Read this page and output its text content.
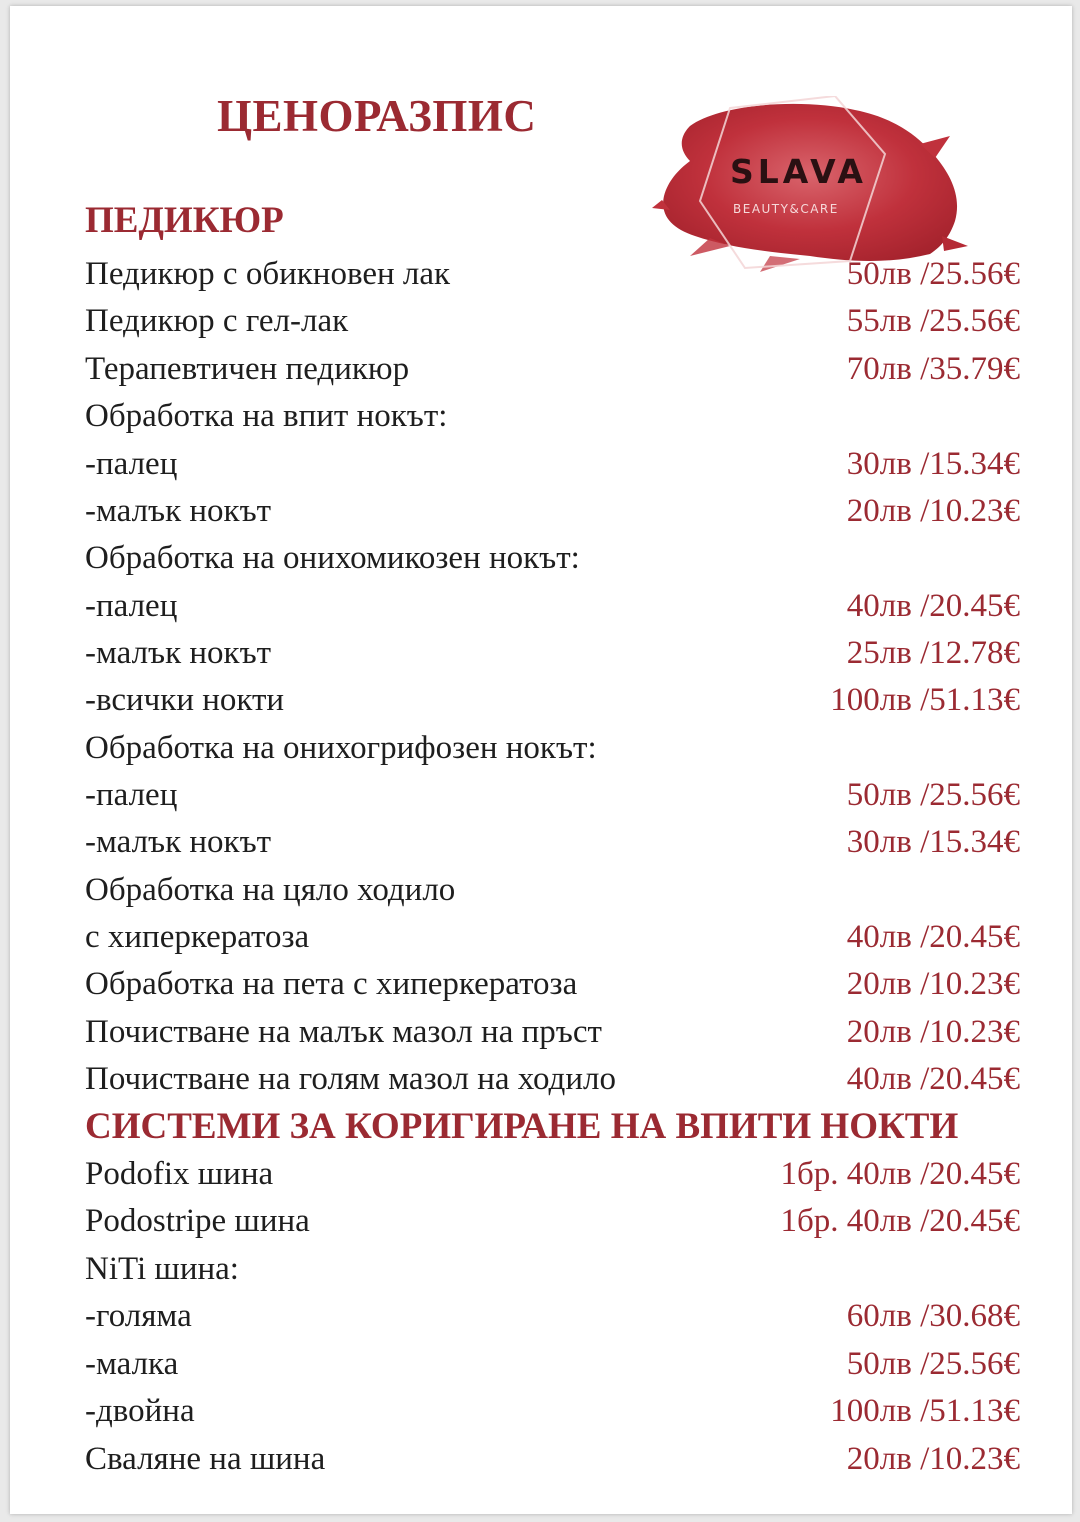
ЦЕНОРАЗПИС
SLAVA
BEAUTY&CARE
ПЕДИКЮР
Педикюр с обикновен лак	50лв /25.56€
Педикюр с гел-лак	55лв /25.56€
Терапевтичен педикюр	70лв /35.79€
Обработка на впит нокът:
-палец	30лв /15.34€
-малък нокът	20лв /10.23€
Обработка на онихомикозен нокът:
-палец	40лв /20.45€
-малък нокът	25лв /12.78€
-всички нокти	100лв /51.13€
Обработка на онихогрифозен нокът:
-палец	50лв /25.56€
-малък нокът	30лв /15.34€
Обработка на цяло ходило
с хиперкератоза	40лв /20.45€
Обработка на пета с хиперкератоза	20лв /10.23€
Почистване на малък мазол на пръст	20лв /10.23€
Почистване на голям мазол на ходило	40лв /20.45€
СИСТЕМИ ЗА КОРИГИРАНЕ НА ВПИТИ НОКТИ
Podofix шина	1бр. 40лв /20.45€
Podostripe шина	1бр. 40лв /20.45€
NiTi шина:
-голяма	60лв /30.68€
-малка	50лв /25.56€
-двойна	100лв /51.13€
Сваляне на шина	20лв /10.23€
